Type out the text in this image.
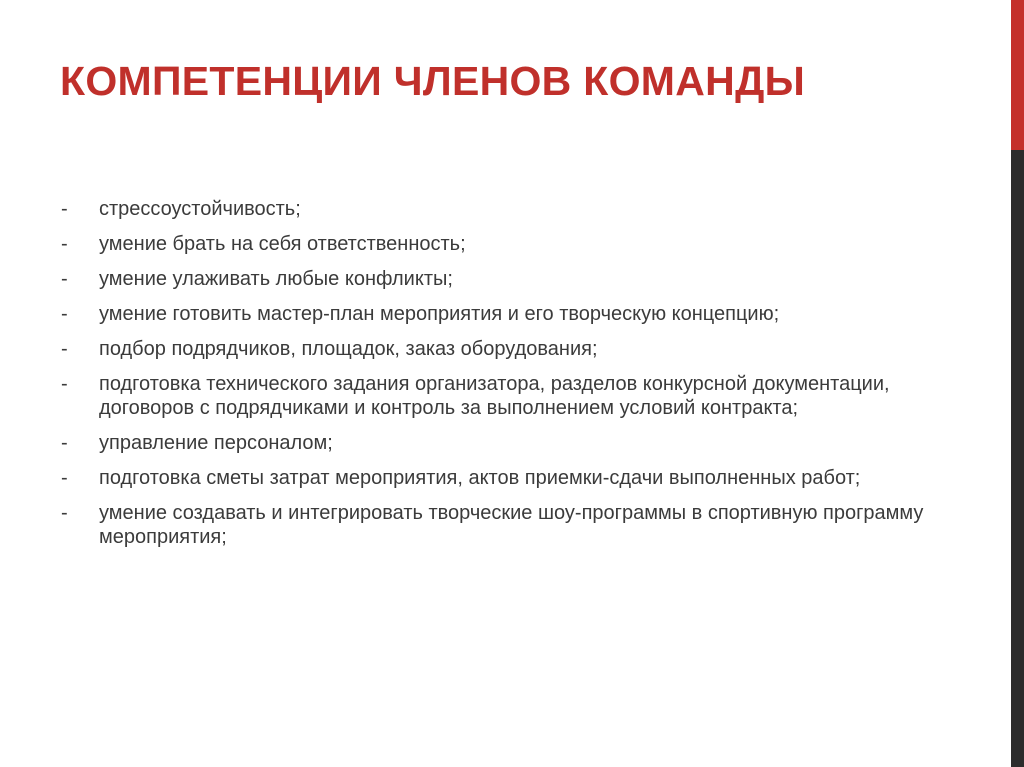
КОМПЕТЕНЦИИ ЧЛЕНОВ КОМАНДЫ
-	стрессоустойчивость;
-	умение брать на себя ответственность;
-	умение улаживать любые конфликты;
-	умение готовить мастер-план мероприятия и его творческую концепцию;
-	подбор подрядчиков, площадок, заказ оборудования;
-	подготовка технического задания организатора, разделов конкурсной документации, договоров с подрядчиками и контроль за выполнением условий контракта;
-	управление персоналом;
-	подготовка сметы затрат мероприятия, актов приемки-сдачи выполненных работ;
-	умение создавать и интегрировать творческие шоу-программы в спортивную программу мероприятия;
